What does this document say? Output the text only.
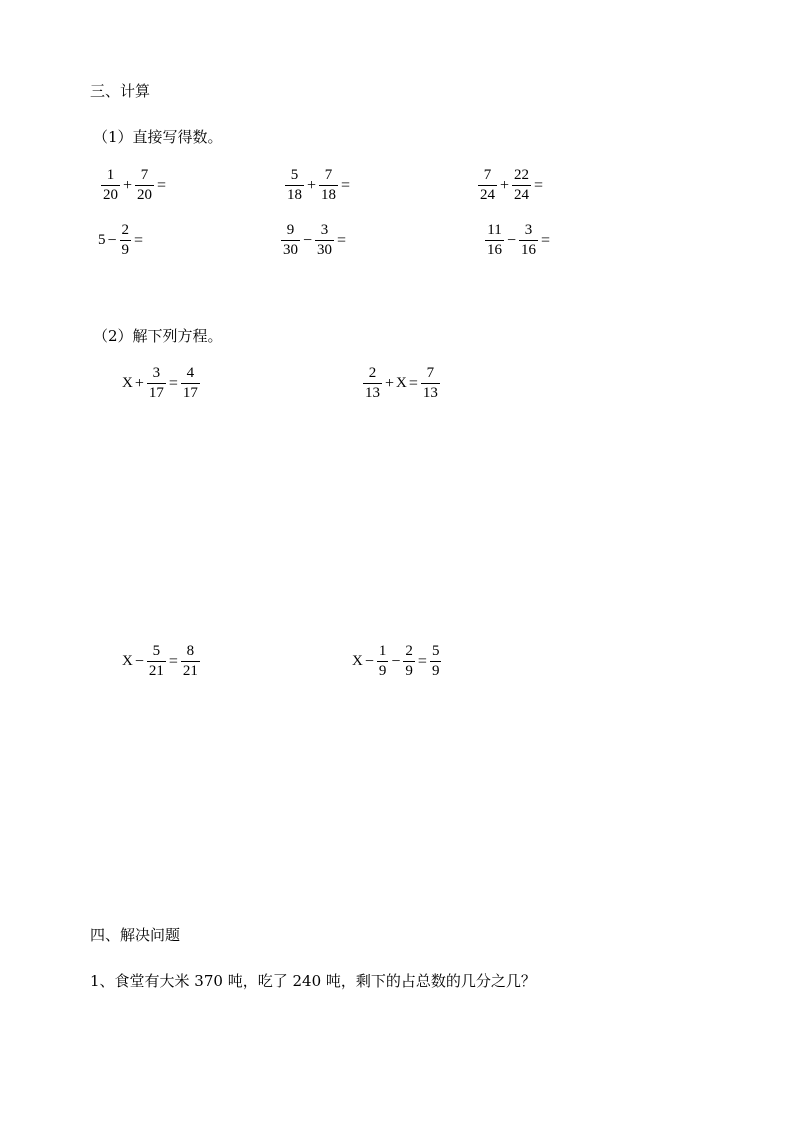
三、计算
（1）直接写得数。
$\frac{1}{20} + \frac{7}{20}$ =	$\frac{5}{18} + \frac{7}{18}$ =	$\frac{7}{24} + \frac{22}{24}$ =
$5 - \frac{2}{9}$ =	$\frac{9}{30} - \frac{3}{30}$ =	$\frac{11}{16} - \frac{3}{16}$ =
（2）解下列方程。
$X + \frac{3}{17} = \frac{4}{17}$	$\frac{2}{13} + X = \frac{7}{13}$
$X - \frac{5}{21} = \frac{8}{21}$	$X - \frac{1}{9} - \frac{2}{9} = \frac{5}{9}$
四、解决问题
1、食堂有大米 370 吨，吃了 240 吨，剩下的占总数的几分之几？
